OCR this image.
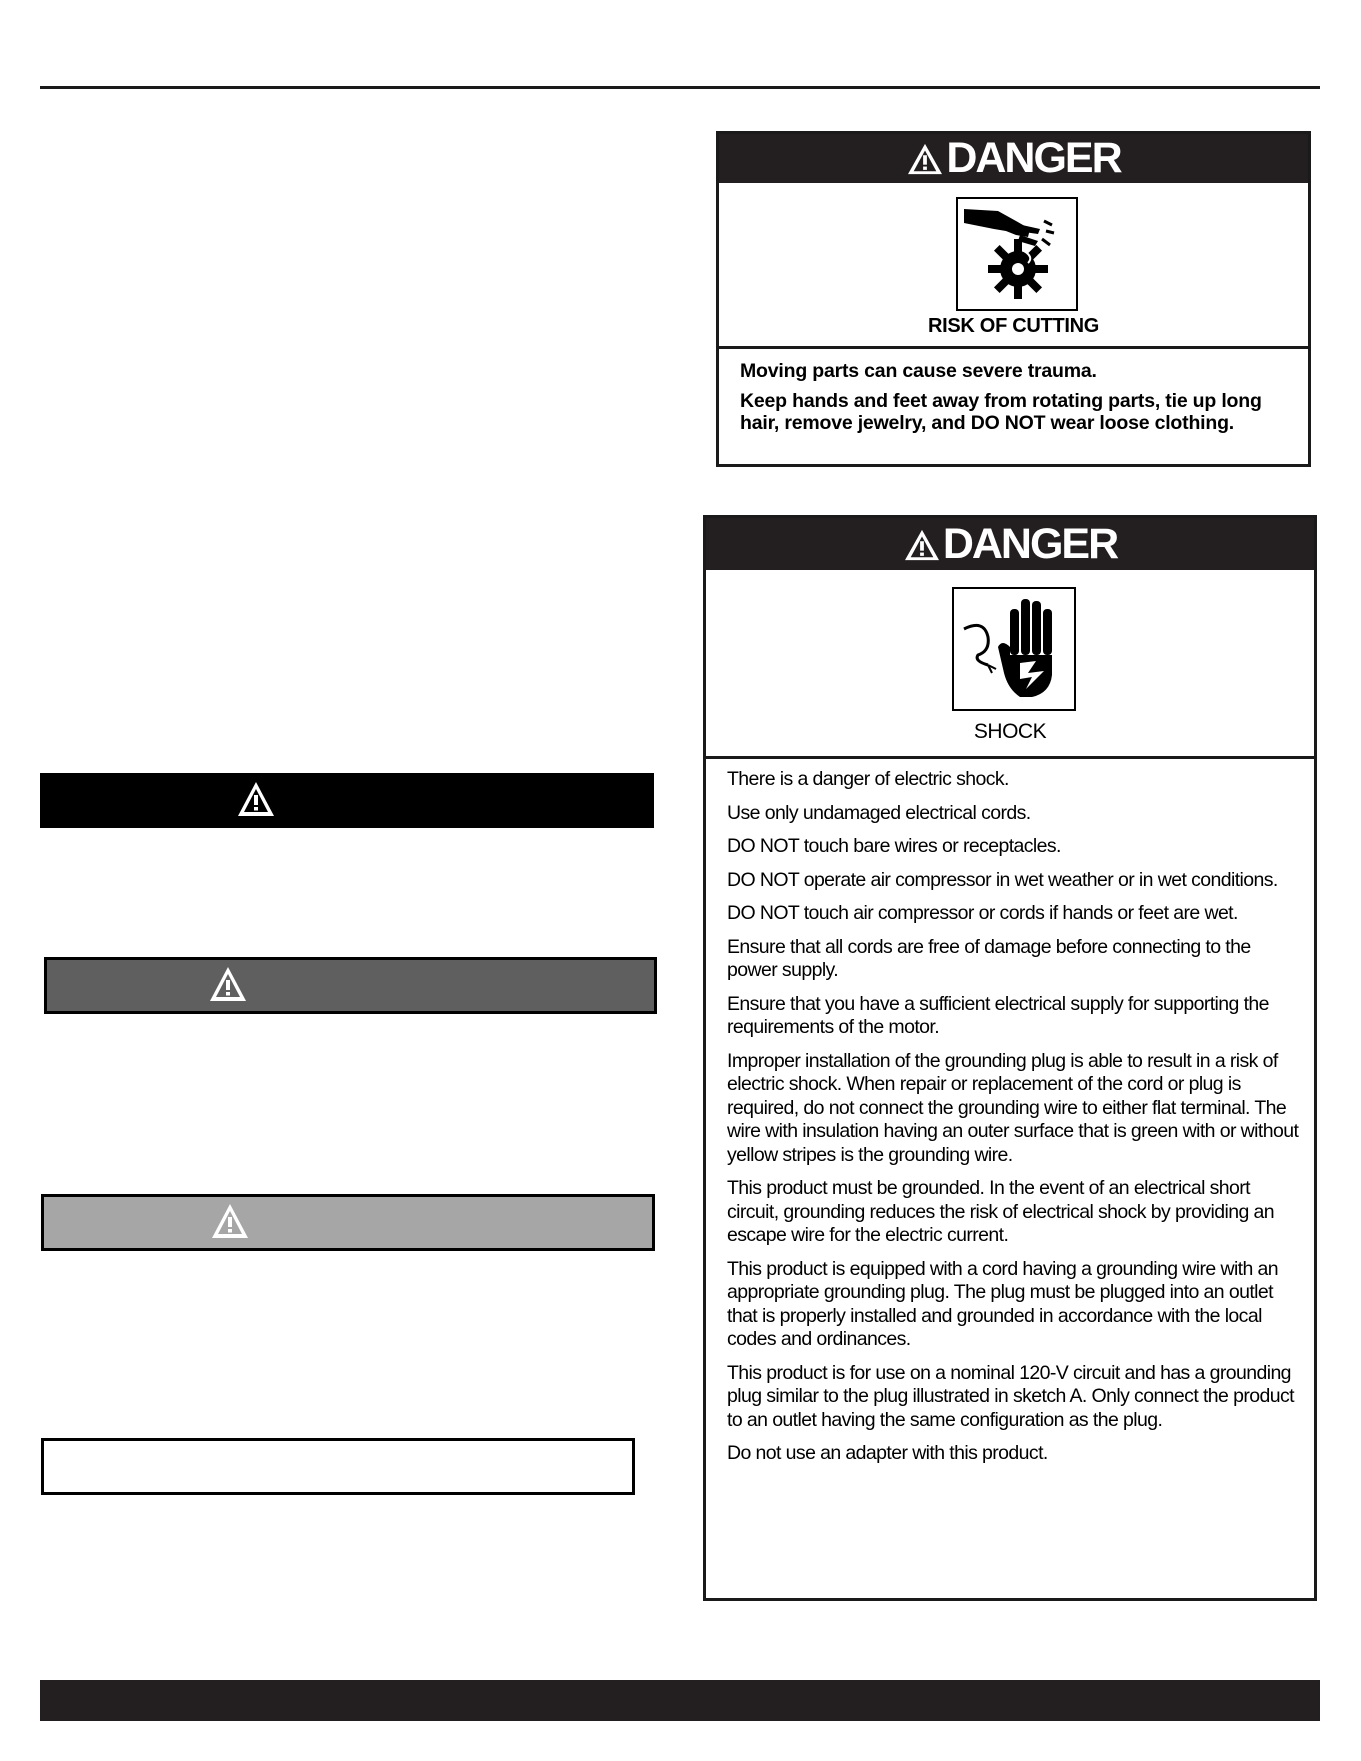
DANGER
RISK OF CUTTING

Moving parts can cause severe trauma.

Keep hands and feet away from rotating parts, tie up long hair, remove jewelry, and DO NOT wear loose clothing.

DANGER
SHOCK

There is a danger of electric shock.

Use only undamaged electrical cords.

DO NOT touch bare wires or receptacles.

DO NOT operate air compressor in wet weather or in wet conditions.

DO NOT touch air compressor or cords if hands or feet are wet.

Ensure that all cords are free of damage before connecting to the power supply.

Ensure that you have a sufficient electrical supply for supporting the requirements of the motor.

Improper installation of the grounding plug is able to result in a risk of electric shock. When repair or replacement of the cord or plug is required, do not connect the grounding wire to either flat terminal. The wire with insulation having an outer surface that is green with or without yellow stripes is the grounding wire.

This product must be grounded. In the event of an electrical short circuit, grounding reduces the risk of electrical shock by providing an escape wire for the electric current.

This product is equipped with a cord having a grounding wire with an appropriate grounding plug. The plug must be plugged into an outlet that is properly installed and grounded in accordance with the local codes and ordinances.

This product is for use on a nominal 120-V circuit and has a grounding plug similar to the plug illustrated in sketch A. Only connect the product to an outlet having the same configuration as the plug.

Do not use an adapter with this product.
